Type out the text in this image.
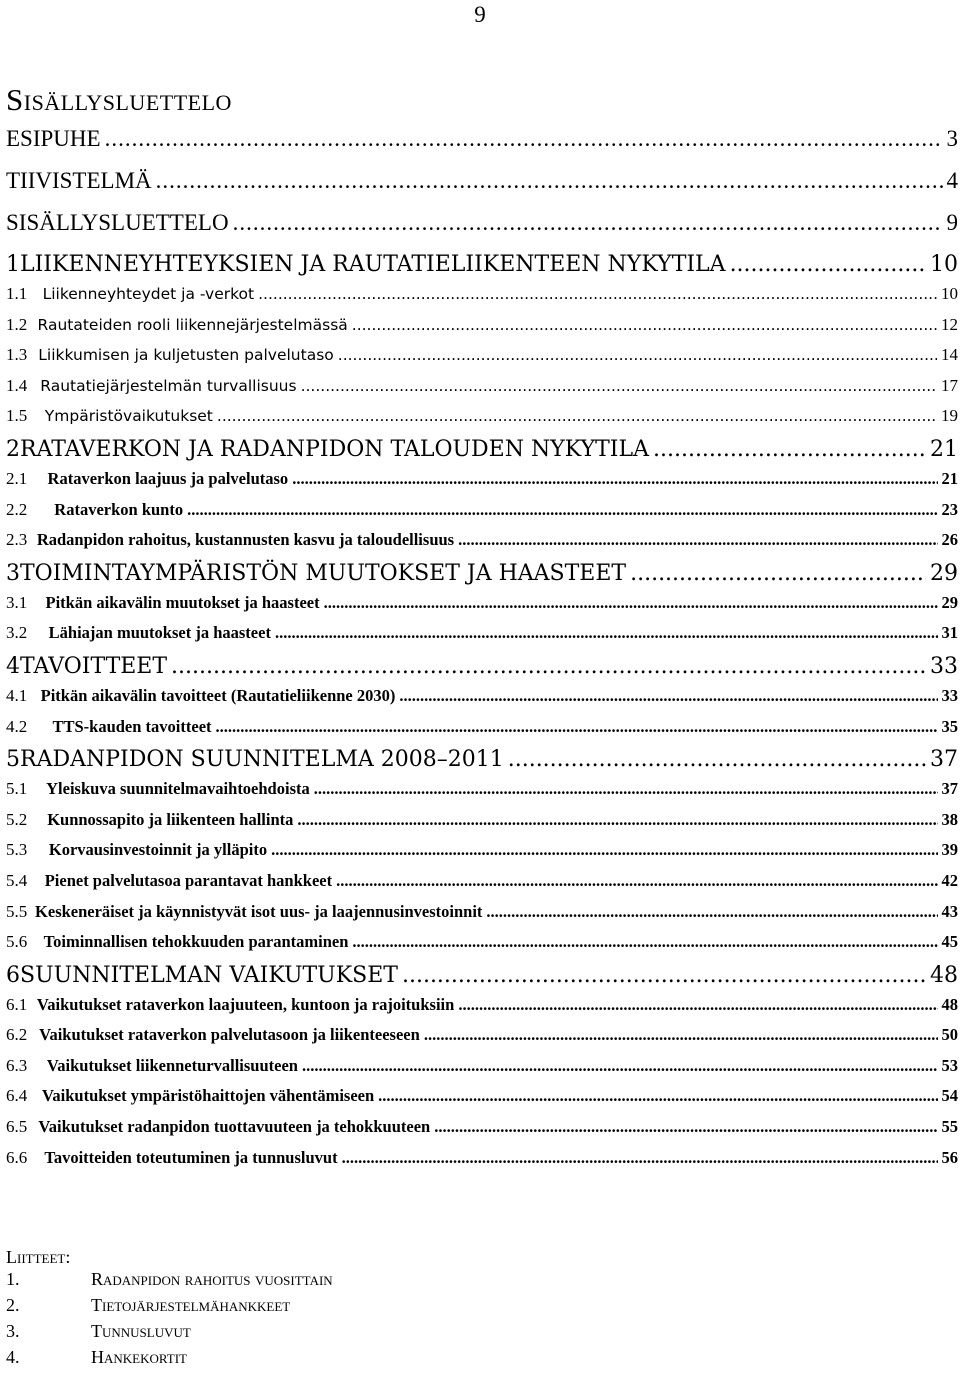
9
Sisällysluettelo
ESIPUHE .....	3
TIIVISTELMÄ .....	4
SISÄLLYSLUETTELO .....	9
1 LIIKENNEYHTEYKSIEN JA RAUTATIELIIKENTEEN NYKYTILA .....	10
1.1 Liikenneyhteydet ja -verkot .....	10
1.2 Rautateiden rooli liikennejärjestelmässä .....	12
1.3 Liikkumisen ja kuljetusten palvelutaso .....	14
1.4 Rautatiejärjestelmän turvallisuus .....	17
1.5	Ympäristövaikutukset .....	19
2 RATAVERKON JA RADANPIDON TALOUDEN NYKYTILA .....	21
2.1	Rataverkon laajuus ja palvelutaso .....	21
2.2	Rataverkon kunto .....	23
2.3 Radanpidon rahoitus, kustannusten kasvu ja taloudellisuus .....	26
3 TOIMINTAYMPÄRISTÖN MUUTOKSET JA HAASTEET .....	29
3.1	Pitkän aikavälin muutokset ja haasteet .....	29
3.2	Lähiajan muutokset ja haasteet .....	31
4 TAVOITTEET .....	33
4.1 Pitkän aikavälin tavoitteet (Rautatieliikenne 2030) .....	33
4.2	TTS-kauden tavoitteet .....	35
5 RADANPIDON SUUNNITELMA 2008–2011 .....	37
5.1	Yleiskuva suunnitelmavaihtoehdoista .....	37
5.2	Kunnossapito ja liikenteen hallinta .....	38
5.3	Korvausinvestoinnit ja ylläpito .....	39
5.4	Pienet palvelutasoa parantavat hankkeet .....	42
5.5 Keskeneräiset ja käynnistyvät isot uus- ja laajennusinvestoinnit .....	43
5.6 Toiminnallisen tehokkuuden parantaminen .....	45
6 SUUNNITELMAN VAIKUTUKSET .....	48
6.1 Vaikutukset rataverkon laajuuteen, kuntoon ja rajoituksiin .....	48
6.2 Vaikutukset rataverkon palvelutasoon ja liikenteeseen .....	50
6.3	Vaikutukset liikenneturvallisuuteen .....	53
6.4 Vaikutukset ympäristöhaittojen vähentämiseen .....	54
6.5 Vaikutukset radanpidon tuottavuuteen ja tehokkuuteen .....	55
6.6	Tavoitteiden toteutuminen ja tunnusluvut .....	56
Liitteet:
1.	Radanpidon rahoitus vuosittain
2.	Tietojärjestelmähankkeet
3.	Tunnusluvut
4.	Hankekortit
